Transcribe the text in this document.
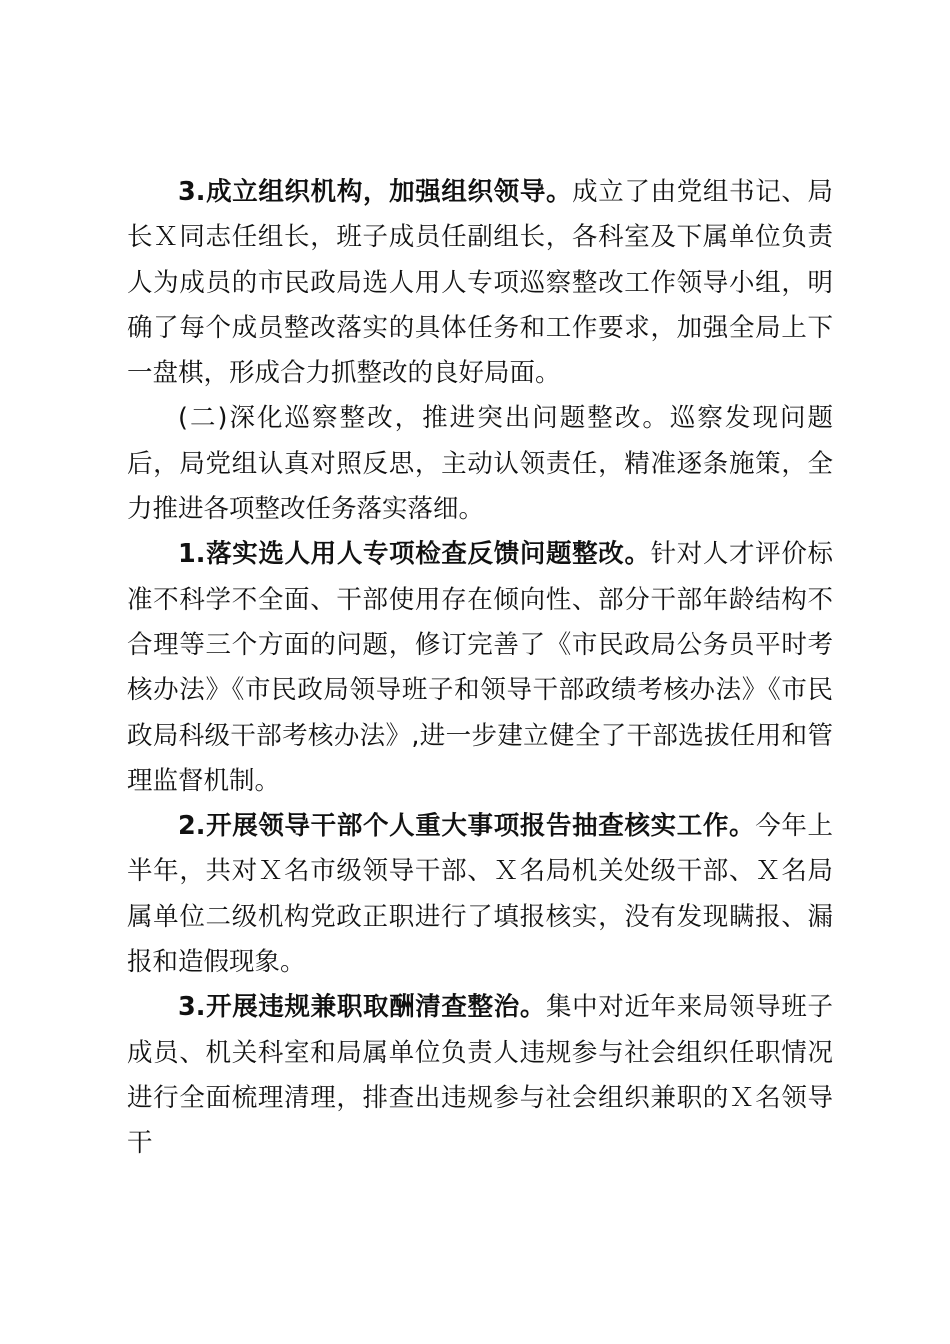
3.成立组织机构，加强组织领导。成立了由党组书记、局长Ｘ同志任组长，班子成员任副组长，各科室及下属单位负责人为成员的市民政局选人用人专项巡察整改工作领导小组，明确了每个成员整改落实的具体任务和工作要求，加强全局上下一盘棋，形成合力抓整改的良好局面。

(二)深化巡察整改，推进突出问题整改。巡察发现问题后，局党组认真对照反思，主动认领责任，精准逐条施策，全力推进各项整改任务落实落细。

1.落实选人用人专项检查反馈问题整改。针对人才评价标准不科学不全面、干部使用存在倾向性、部分干部年龄结构不合理等三个方面的问题，修订完善了《市民政局公务员平时考核办法》《市民政局领导班子和领导干部政绩考核办法》《市民政局科级干部考核办法》,进一步建立健全了干部选拔任用和管理监督机制。

2.开展领导干部个人重大事项报告抽查核实工作。今年上半年，共对Ｘ名市级领导干部、Ｘ名局机关处级干部、Ｘ名局属单位二级机构党政正职进行了填报核实，没有发现瞒报、漏报和造假现象。

3.开展违规兼职取酬清查整治。集中对近年来局领导班子成员、机关科室和局属单位负责人违规参与社会组织任职情况进行全面梳理清理，排查出违规参与社会组织兼职的Ｘ名领导干
